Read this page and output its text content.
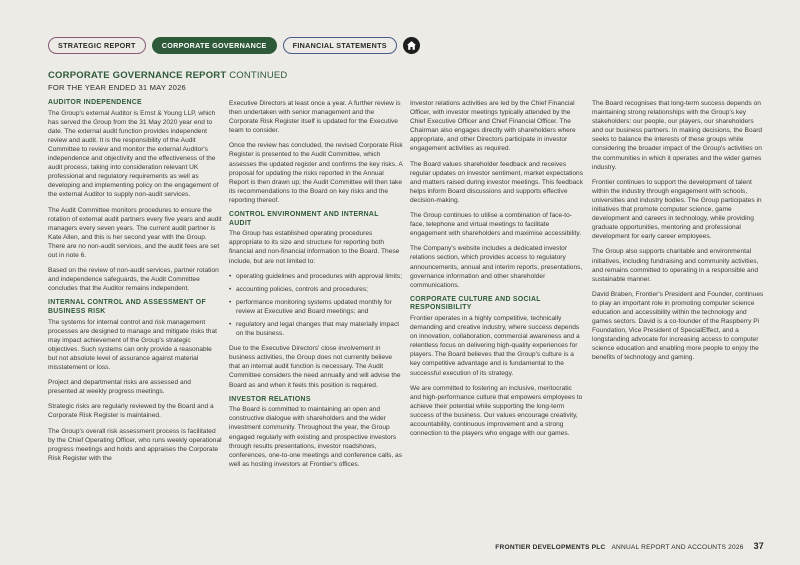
STRATEGIC REPORT	CORPORATE GOVERNANCE	FINANCIAL STATEMENTS
CORPORATE GOVERNANCE REPORT CONTINUED
FOR THE YEAR ENDED 31 MAY 2026
AUDITOR INDEPENDENCE

The Group's external Auditor is Ernst & Young LLP, which has served the Group from the 31 May 2020 year end to date. The external audit function provides independent review and audit. It is the responsibility of the Audit Committee to review and monitor the external Auditor's independence and objectivity and the effectiveness of the audit process, taking into consideration relevant UK professional and regulatory requirements as well as developing and implementing policy on the engagement of the external Auditor to supply non-audit services.

The Audit Committee monitors procedures to ensure the rotation of external audit partners every five years and audit managers every seven years. The current audit partner is Kate Allen, and this is her second year with the Group. There are no non-audit services, and the audit fees are set out in note 6.

Based on the review of non-audit services, partner rotation and independence safeguards, the Audit Committee concludes that the Auditor remains independent.

INTERNAL CONTROL AND ASSESSMENT OF BUSINESS RISK

The systems for internal control and risk management processes are designed to manage and mitigate risks that may impact achievement of the Group's strategic objectives. Such systems can only provide a reasonable but not absolute level of assurance against material misstatement or loss.

Project and departmental risks are assessed and presented at weekly progress meetings.

Strategic risks are regularly reviewed by the Board and a Corporate Risk Register is maintained.

The Group's overall risk assessment process is facilitated by the Chief Operating Officer, who runs weekly operational progress meetings and holds and appraises the Corporate Risk Register with the

Executive Directors at least once a year. A further review is then undertaken with senior management and the Corporate Risk Register itself is updated for the Executive team to consider.

Once the review has concluded, the revised Corporate Risk Register is presented to the Audit Committee, which assesses the updated register and confirms the key risks. A proposal for updating the risks reported in the Annual Report is then drawn up; the Audit Committee will then take its recommendations to the Board on key risks and the reporting thereof.

CONTROL ENVIRONMENT AND INTERNAL AUDIT

The Group has established operating procedures appropriate to its size and structure for reporting both financial and non-financial information to the Board. These include, but are not limited to:

• operating guidelines and procedures with approval limits;
• accounting policies, controls and procedures;
• performance monitoring systems updated monthly for review at Executive and Board meetings; and
• regulatory and legal changes that may materially impact on the business.

Due to the Executive Directors' close involvement in business activities, the Group does not currently believe that an internal audit function is necessary. The Audit Committee considers the need annually and will advise the Board as and when it feels this position is required.

INVESTOR RELATIONS

The Board is committed to maintaining an open and constructive dialogue with shareholders and the wider investment community. Throughout the year, the Group engaged regularly with existing and prospective investors through results presentations, investor roadshows, conferences, one-to-one meetings and conference calls, as well as hosting investors at Frontier's offices.

Investor relations activities are led by the Chief Financial Officer, with investor meetings typically attended by the Chief Executive Officer and Chief Financial Officer. The Chairman also engages directly with shareholders where appropriate, and other Directors participate in investor engagement activities as required.

The Board values shareholder feedback and receives regular updates on investor sentiment, market expectations and matters raised during investor meetings. This feedback helps inform Board discussions and supports effective decision-making.

The Group continues to utilise a combination of face-to-face, telephone and virtual meetings to facilitate engagement with shareholders and maximise accessibility.

The Company's website includes a dedicated investor relations section, which provides access to regulatory announcements, annual and interim reports, presentations, governance information and other shareholder communications.

CORPORATE CULTURE AND SOCIAL RESPONSIBILITY

Frontier operates in a highly competitive, technically demanding and creative industry, where success depends on innovation, collaboration, commercial awareness and a relentless focus on delivering high-quality experiences for players. The Board believes that the Group's culture is a key competitive advantage and is fundamental to the successful execution of its strategy.

We are committed to fostering an inclusive, meritocratic and high-performance culture that empowers employees to achieve their potential while supporting the long-term success of the business. Our values encourage creativity, accountability, continuous improvement and a strong connection to the players who engage with our games.

The Board recognises that long-term success depends on maintaining strong relationships with the Group's key stakeholders: our people, our players, our shareholders and our business partners. In making decisions, the Board seeks to balance the interests of these groups while considering the broader impact of the Group's activities on the communities in which it operates and the wider games industry.

Frontier continues to support the development of talent within the industry through engagement with schools, universities and industry bodies. The Group participates in initiatives that promote computer science, game development and careers in technology, while providing graduate opportunities, mentoring and professional development for early career employees.

The Group also supports charitable and environmental initiatives, including fundraising and community activities, and remains committed to operating in a responsible and sustainable manner.

David Braben, Frontier's President and Founder, continues to play an important role in promoting computer science education and accessibility within the technology and games sectors. David is a co-founder of the Raspberry Pi Foundation, Vice President of SpecialEffect, and a longstanding advocate for increasing access to computer science education and enabling more people to enjoy the benefits of technology and gaming.

FRONTIER DEVELOPMENTS PLC ANNUAL REPORT AND ACCOUNTS 2026 37
